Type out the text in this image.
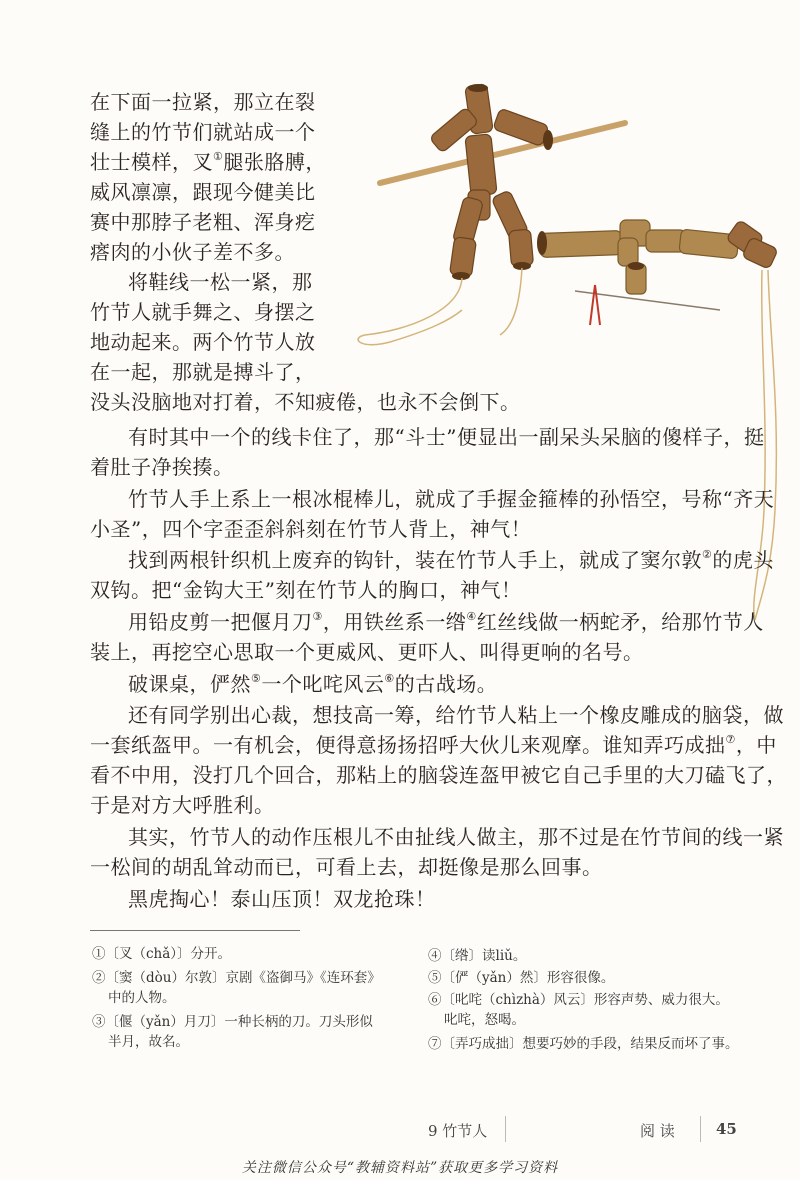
在下面一拉紧，那立在裂
缝上的竹节们就站成一个
壮士模样，叉①腿张胳膊，
威风凛凛，跟现今健美比
赛中那脖子老粗、浑身疙
瘩肉的小伙子差不多。
将鞋线一松一紧，那
竹节人就手舞之、身摆之
地动起来。两个竹节人放
在一起，那就是搏斗了，
没头没脑地对打着，不知疲倦，也永不会倒下。
有时其中一个的线卡住了，那“斗士”便显出一副呆头呆脑的傻样子，挺
着肚子净挨揍。
竹节人手上系上一根冰棍棒儿，就成了手握金箍棒的孙悟空，号称“齐天
小圣”，四个字歪歪斜斜刻在竹节人背上，神气！
找到两根针织机上废弃的钩针，装在竹节人手上，就成了窦尔敦②的虎头
双钩。把“金钩大王”刻在竹节人的胸口，神气！
用铅皮剪一把偃月刀③，用铁丝系一绺④红丝线做一柄蛇矛，给那竹节人
装上，再挖空心思取一个更威风、更吓人、叫得更响的名号。
破课桌，俨然⑤一个叱咤风云⑥的古战场。
还有同学别出心裁，想技高一筹，给竹节人粘上一个橡皮雕成的脑袋，做
一套纸盔甲。一有机会，便得意扬扬招呼大伙儿来观摩。谁知弄巧成拙⑦，中
看不中用，没打几个回合，那粘上的脑袋连盔甲被它自己手里的大刀磕飞了，
于是对方大呼胜利。
其实，竹节人的动作压根儿不由扯线人做主，那不过是在竹节间的线一紧
一松间的胡乱耸动而已，可看上去，却挺像是那么回事。
黑虎掏心！泰山压顶！双龙抢珠！
①〔叉（chǎ）〕分开。
②〔窦（dòu）尔敦〕京剧《盗御马》《连环套》
中的人物。
③〔偃（yǎn）月刀〕一种长柄的刀。刀头形似
半月，故名。
④〔绺〕读liǔ。
⑤〔俨（yǎn）然〕形容很像。
⑥〔叱咤（chìzhà）风云〕形容声势、威力很大。
叱咤，怒喝。
⑦〔弄巧成拙〕想要巧妙的手段，结果反而坏了事。
9 竹节人	阅 读	45
关注微信公众号“教辅资料站”获取更多学习资料
